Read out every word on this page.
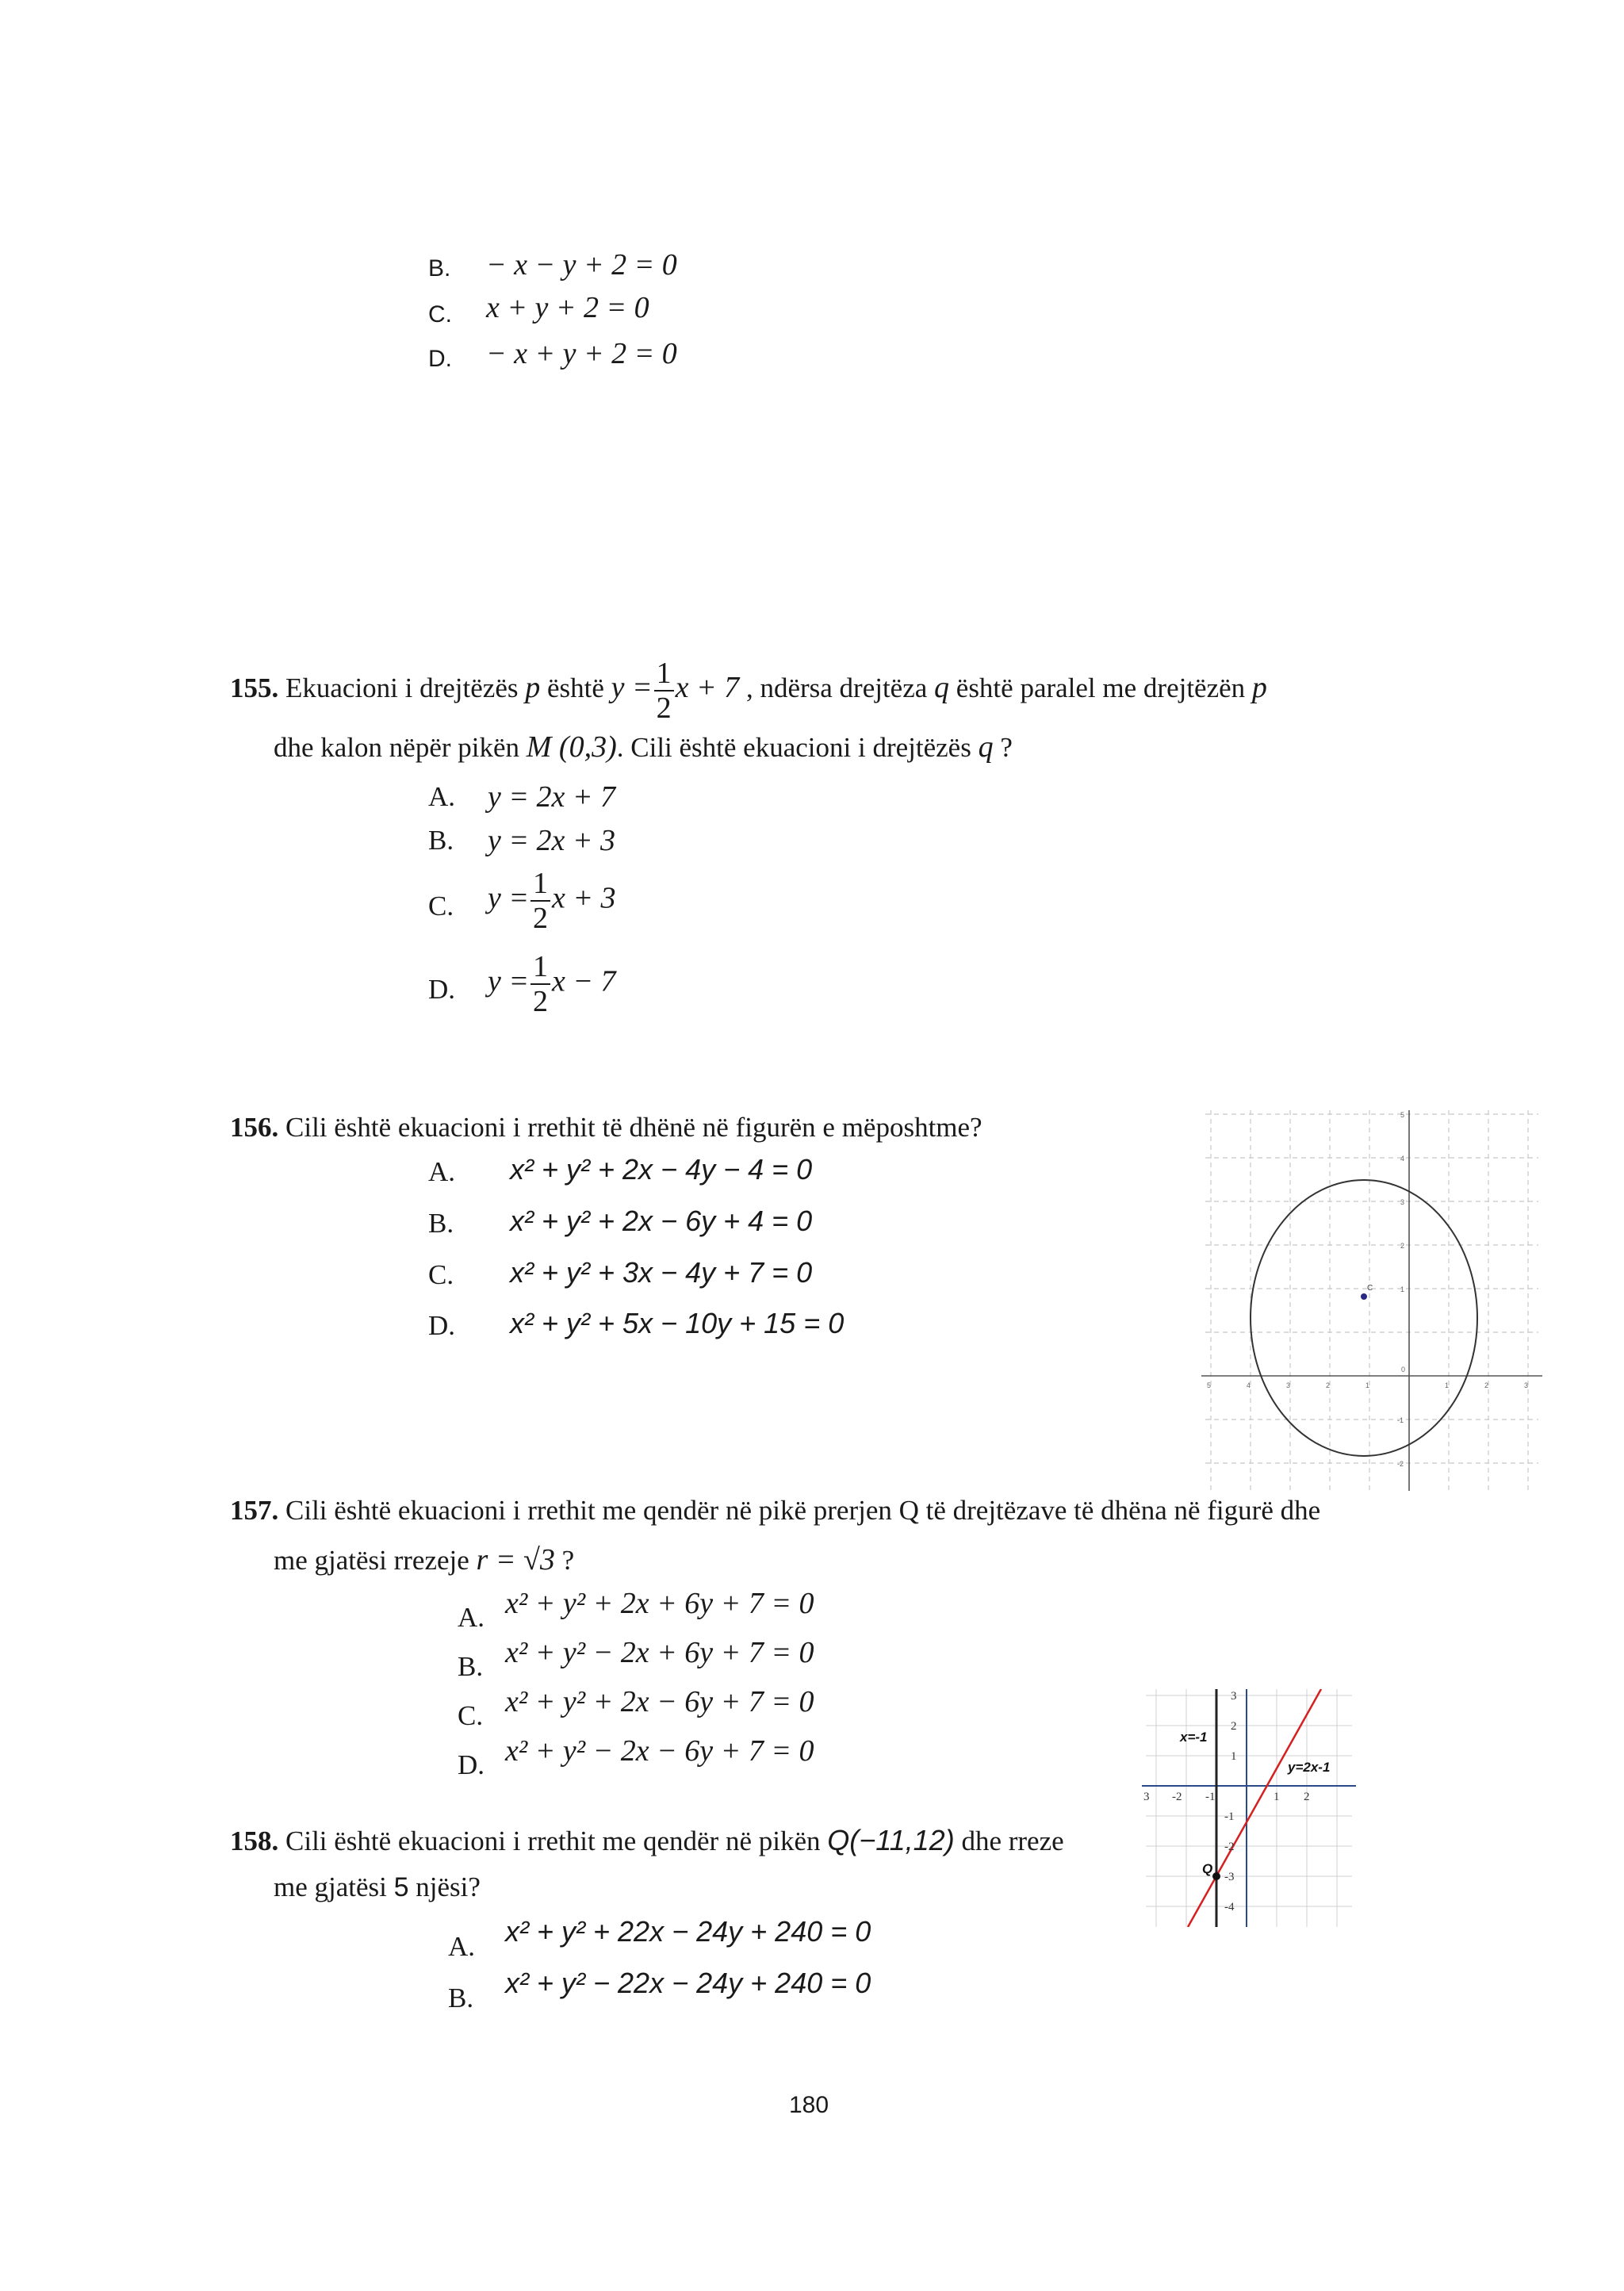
B. − x − y + 2 = 0
C. x + y + 2 = 0
D. − x + y + 2 = 0
155. Ekuacioni i drejtëzës p është $y = \frac{1}{2}$ x + 7 , ndërsa drejtëza q është paralel me drejtëzën p
dhe kalon nëpër pikën M (0,3). Cili është ekuacioni i drejtëzës q ?
A. y = 2x + 7
B. y = 2x + 3
C. $y = \frac{1}{2}$ x + 3
D. $y = \frac{1}{2}$ x − 7
156. Cili është ekuacioni i rrethit të dhënë në figurën e mëposhtme?
A. x² + y² + 2x − 4y − 4 = 0
B. x² + y² + 2x − 6y + 4 = 0
C. x² + y² + 3x − 4y + 7 = 0
D. x² + y² + 5x − 10y + 15 = 0
C
5	4	3	2	1
0
1	2	3
5
4
3
2
1
-1
-2
157. Cili është ekuacioni i rrethit me qendër në pikë prerjen Q të drejtëzave të dhëna në figurë dhe
me gjatësi rrezeje r = √3 ?
A. x² + y² + 2x + 6y + 7 = 0
B. x² + y² − 2x + 6y + 7 = 0
C. x² + y² + 2x − 6y + 7 = 0
D. x² + y² − 2x − 6y + 7 = 0	x=-1
y=2x-1
Q
3 -2 -1	1 2
3
2
1
-1
-2
-3
-4
158. Cili është ekuacioni i rrethit me qendër në pikën Q(−11,12) dhe rreze
me gjatësi 5 njësi?
A. x² + y² + 22x − 24y + 240 = 0
B. x² + y² − 22x − 24y + 240 = 0
180
